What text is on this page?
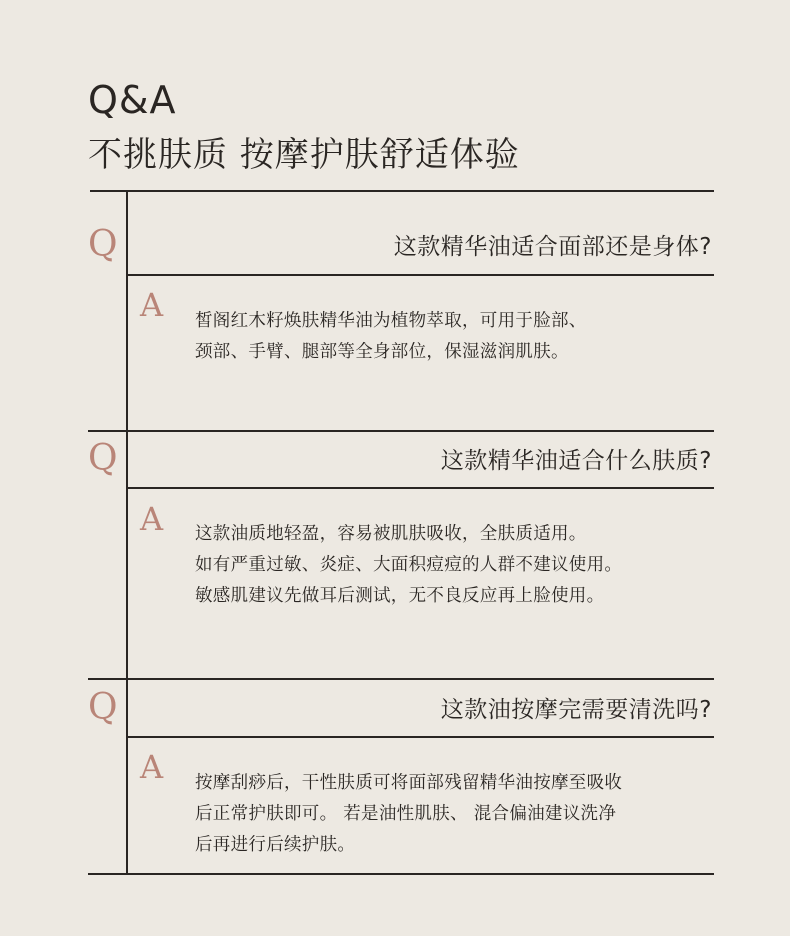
Q&A
不挑肤质 按摩护肤舒适体验
Q	这款精华油适合面部还是身体?
A 皙阁红木籽焕肤精华油为植物萃取，可用于脸部、
颈部、手臂、腿部等全身部位，保湿滋润肌肤。
Q	这款精华油适合什么肤质?
A 这款油质地轻盈，容易被肌肤吸收，全肤质适用。
如有严重过敏、炎症、大面积痘痘的人群不建议使用。
敏感肌建议先做耳后测试，无不良反应再上脸使用。
Q	这款油按摩完需要清洗吗?
A 按摩刮痧后，干性肤质可将面部残留精华油按摩至吸收
后正常护肤即可。 若是油性肌肤、 混合偏油建议洗净
后再进行后续护肤。
